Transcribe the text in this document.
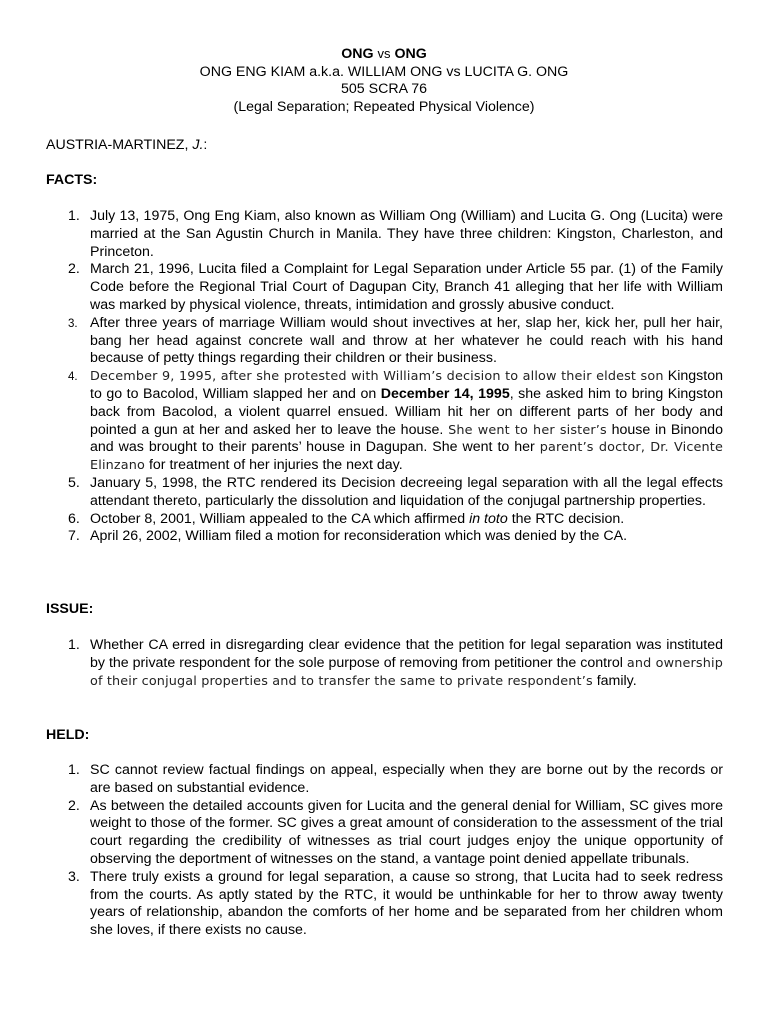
ONG vs ONG
ONG ENG KIAM a.k.a. WILLIAM ONG vs LUCITA G. ONG
505 SCRA 76
(Legal Separation; Repeated Physical Violence)
AUSTRIA-MARTINEZ, J.:
FACTS:
1. July 13, 1975, Ong Eng Kiam, also known as William Ong (William) and Lucita G. Ong (Lucita) were married at the San Agustin Church in Manila. They have three children: Kingston, Charleston, and Princeton.
2. March 21, 1996, Lucita filed a Complaint for Legal Separation under Article 55 par. (1) of the Family Code before the Regional Trial Court of Dagupan City, Branch 41 alleging that her life with William was marked by physical violence, threats, intimidation and grossly abusive conduct.
3. After three years of marriage William would shout invectives at her, slap her, kick her, pull her hair, bang her head against concrete wall and throw at her whatever he could reach with his hand because of petty things regarding their children or their business.
4. December 9, 1995, after she protested with William’s decision to allow their eldest son Kingston to go to Bacolod, William slapped her and on December 14, 1995, she asked him to bring Kingston back from Bacolod, a violent quarrel ensued. William hit her on different parts of her body and pointed a gun at her and asked her to leave the house. She went to her sister’s house in Binondo and was brought to their parents’ house in Dagupan. She went to her parent’s doctor, Dr. Vicente Elinzano for treatment of her injuries the next day.
5. January 5, 1998, the RTC rendered its Decision decreeing legal separation with all the legal effects attendant thereto, particularly the dissolution and liquidation of the conjugal partnership properties.
6. October 8, 2001, William appealed to the CA which affirmed in toto the RTC decision.
7. April 26, 2002, William filed a motion for reconsideration which was denied by the CA.
ISSUE:
1. Whether CA erred in disregarding clear evidence that the petition for legal separation was instituted by the private respondent for the sole purpose of removing from petitioner the control and ownership of their conjugal properties and to transfer the same to private respondent’s family.
HELD:
1. SC cannot review factual findings on appeal, especially when they are borne out by the records or are based on substantial evidence.
2. As between the detailed accounts given for Lucita and the general denial for William, SC gives more weight to those of the former. SC gives a great amount of consideration to the assessment of the trial court regarding the credibility of witnesses as trial court judges enjoy the unique opportunity of observing the deportment of witnesses on the stand, a vantage point denied appellate tribunals.
3. There truly exists a ground for legal separation, a cause so strong, that Lucita had to seek redress from the courts. As aptly stated by the RTC, it would be unthinkable for her to throw away twenty years of relationship, abandon the comforts of her home and be separated from her children whom she loves, if there exists no cause.
